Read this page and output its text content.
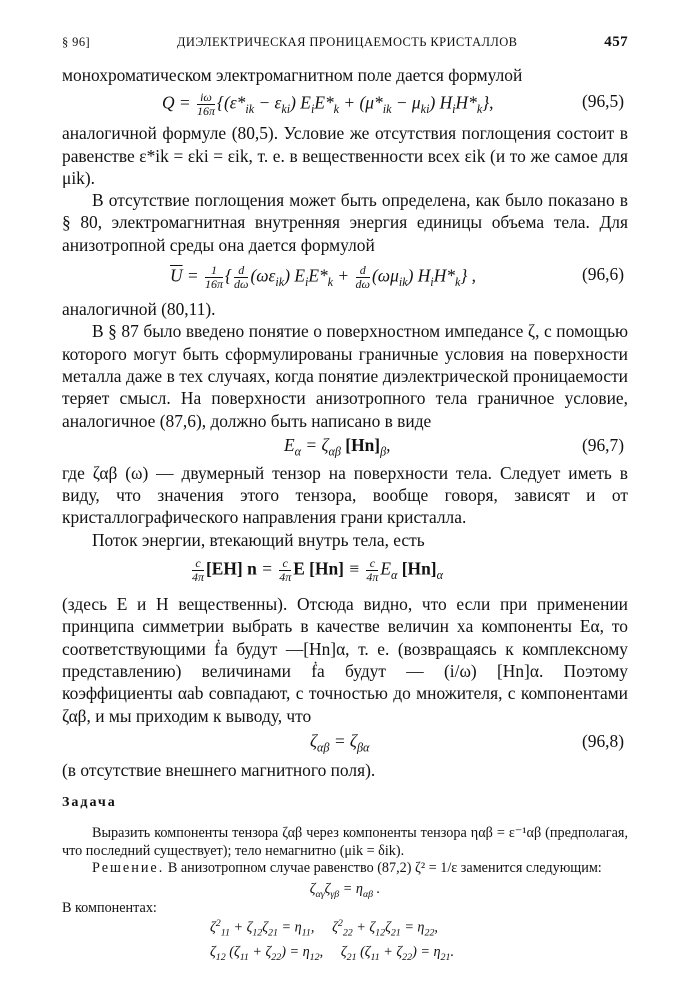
§ 96]	ДИЭЛЕКТРИЧЕСКАЯ ПРОНИЦАЕМОСТЬ КРИСТАЛЛОВ	457

монохроматическом электромагнитном поле дается формулой

$Q = \frac{i\omega}{16\pi} \{(\varepsilon*_{ik} - \varepsilon_{ki}) E_iE*_k + (\mu*_{ik} - \mu_{ki})$ $H_iH*_k$},	(96,5)

аналогичной формуле (80,5). Условие же отсутствия поглощения состоит в равенстве ε*ik = εki = εik, т. е. в вещественности всех εik (и то же самое для μik).

В отсутствие поглощения может быть определена, как было показано в § 80, электромагнитная внутренняя энергия единицы объема тела. Для анизотропной среды она дается формулой

$\overline{U} = \frac{1}{16\pi}$ { $\frac{d}{d\omega} (\omega\varepsilon_{ik}) E_iE*_k + \frac{d}{d\omega} (\omega\mu_{ik})$ $H_iH*_k$} ,	(96,6)

аналогичной (80,11).

В § 87 было введено понятие о поверхностном импедансе ζ, с помощью которого могут быть сформулированы граничные условия на поверхности металла даже в тех случаях, когда понятие диэлектрической проницаемости теряет смысл. На поверхности анизотропного тела граничное условие, аналогичное (87,6), должно быть написано в виде

$E_\alpha = \zeta_{\alpha\beta}$ $[Hn]_\beta$,	(96,7)

где ζαβ (ω) — двумерный тензор на поверхности тела. Следует иметь в виду, что значения этого тензора, вообще говоря, зависят и от кристаллографического направления грани кристалла.

Поток энергии, втекающий внутрь тела, есть

$\frac{c}{4\pi} [EH] n = \frac{c}{4\pi}$ E $[Hn] \equiv \frac{c}{4\pi} E_\alpha$ $[Hn]_\alpha$

(здесь E и H вещественны). Отсюда видно, что если при применении принципа симметрии выбрать в качестве величин xa компоненты Eα, то соответствующими ḟa будут —[Hn]α, т. е. (возвращаясь к комплексному представлению) величинами ḟa будут — (i/ω) [Hn]α. Поэтому коэффициенты αab совпадают, с точностью до множителя, с компонентами ζαβ, и мы приходим к выводу, что

$\zeta_{\alpha\beta} = \zeta_{\beta\alpha}$	(96,8)

(в отсутствие внешнего магнитного поля).

Задача

Выразить компоненты тензора ζαβ через компоненты тензора ηαβ = ε⁻¹αβ (предполагая, что последний существует); тело немагнитно (μik = δik).

Решение. В анизотропном случае равенство (87,2) ζ² = 1/ε заменится следующим:

$\zeta_{\alpha\gamma}\zeta_{\gamma\beta} = \eta_{\alpha\beta}$ .
В компонентах:
$\zeta^2_{11} + \zeta_{12}\zeta_{21} = \eta_{11}$,     $\zeta^2_{22} + \zeta_{12}\zeta_{21} = \eta_{22}$,
$\zeta_{12}$ $(\zeta_{11} + \zeta_{22}) = \eta_{12}$,     $\zeta_{21}$ $(\zeta_{11} + \zeta_{22}) = \eta_{21}$.
